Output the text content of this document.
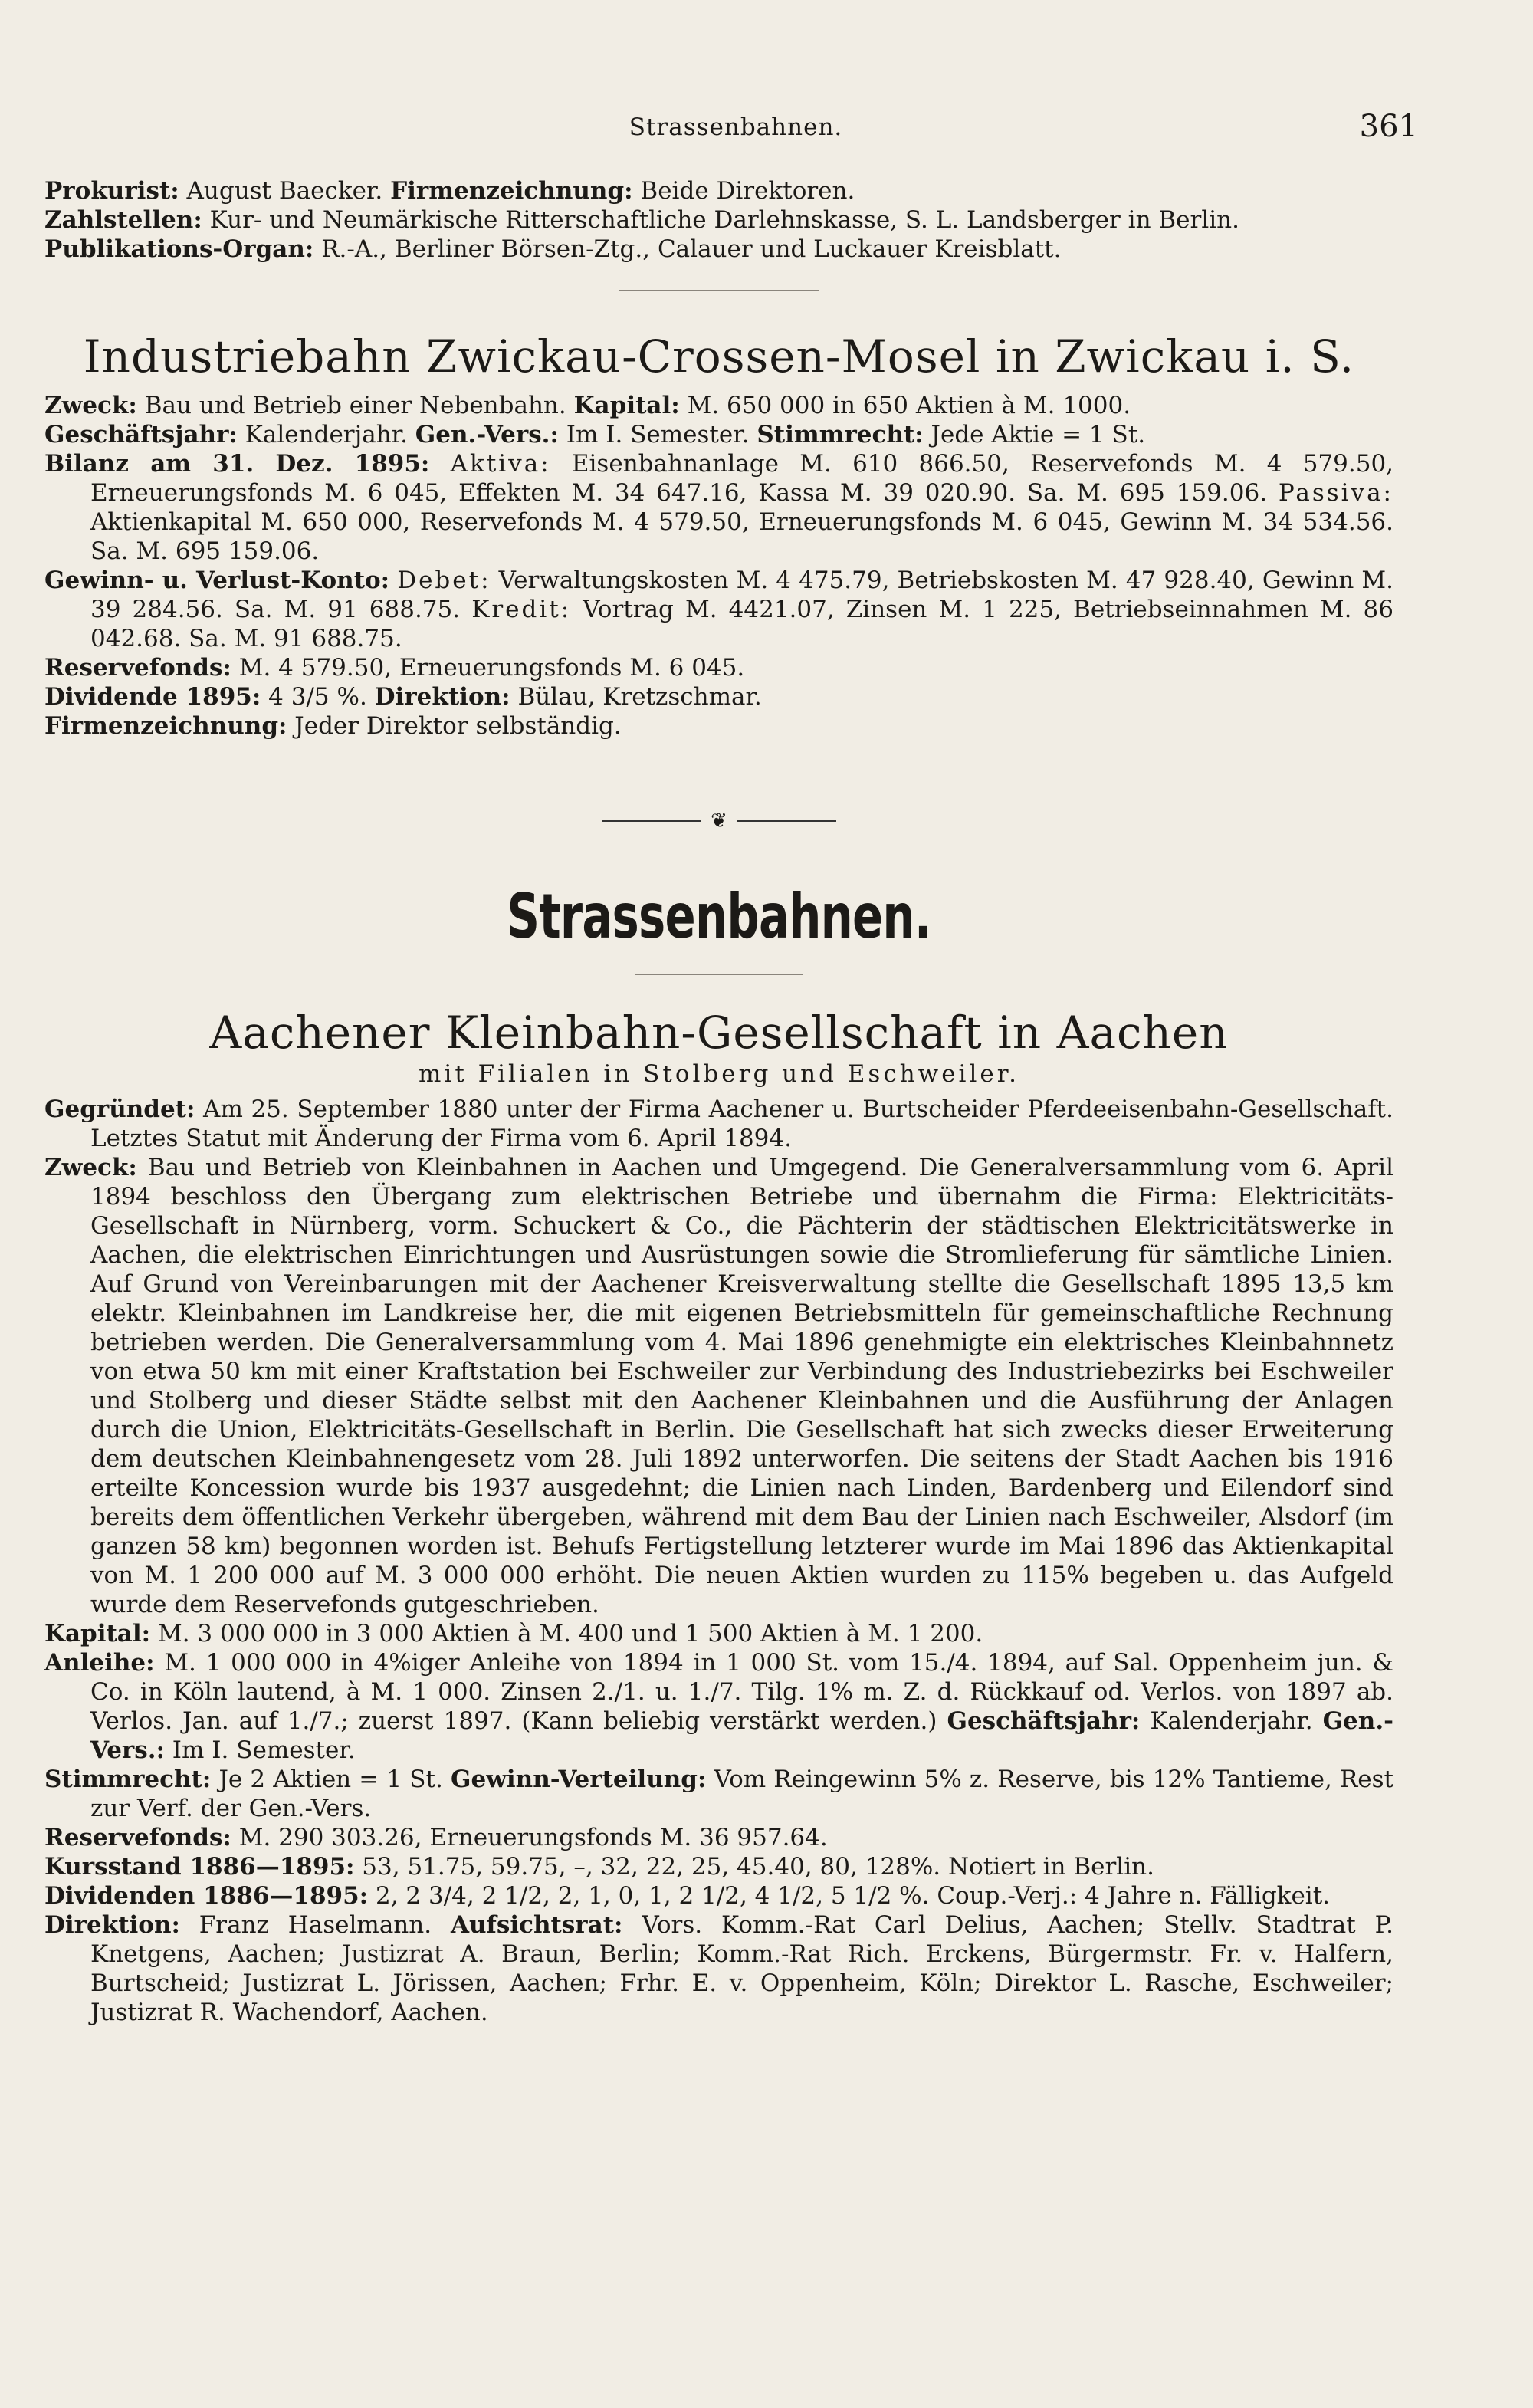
Strassenbahnen.	361

Prokurist: August Baecker. Firmenzeichnung: Beide Direktoren.

Zahlstellen: Kur- und Neumärkische Ritterschaftliche Darlehnskasse, S. L. Landsberger in Berlin.

Publikations-Organ: R.-A., Berliner Börsen-Ztg., Calauer und Luckauer Kreisblatt.

Industriebahn Zwickau-Crossen-Mosel in Zwickau i. S.

Zweck: Bau und Betrieb einer Nebenbahn. Kapital: M. 650 000 in 650 Aktien à M. 1000.

Geschäftsjahr: Kalenderjahr. Gen.-Vers.: Im I. Semester. Stimmrecht: Jede Aktie = 1 St.

Bilanz am 31. Dez. 1895: Aktiva: Eisenbahnanlage M. 610 866.50, Reservefonds M. 4 579.50, Erneuerungsfonds M. 6 045, Effekten M. 34 647.16, Kassa M. 39 020.90. Sa. M. 695 159.06. Passiva: Aktienkapital M. 650 000, Reservefonds M. 4 579.50, Erneuerungsfonds M. 6 045, Gewinn M. 34 534.56. Sa. M. 695 159.06.

Gewinn- u. Verlust-Konto: Debet: Verwaltungskosten M. 4 475.79, Betriebskosten M. 47 928.40, Gewinn M. 39 284.56. Sa. M. 91 688.75. Kredit: Vortrag M. 4421.07, Zinsen M. 1 225, Betriebseinnahmen M. 86 042.68. Sa. M. 91 688.75.

Reservefonds: M. 4 579.50, Erneuerungsfonds M. 6 045.

Dividende 1895: 4 3/5 %. Direktion: Bülau, Kretzschmar.

Firmenzeichnung: Jeder Direktor selbständig.

❦
Strassenbahnen.
Aachener Kleinbahn-Gesellschaft in Aachen
mit Filialen in Stolberg und Eschweiler.

Gegründet: Am 25. September 1880 unter der Firma Aachener u. Burtscheider Pferdeeisenbahn-Gesellschaft. Letztes Statut mit Änderung der Firma vom 6. April 1894.

Zweck: Bau und Betrieb von Kleinbahnen in Aachen und Umgegend. Die Generalversammlung vom 6. April 1894 beschloss den Übergang zum elektrischen Betriebe und übernahm die Firma: Elektricitäts-Gesellschaft in Nürnberg, vorm. Schuckert & Co., die Pächterin der städtischen Elektricitätswerke in Aachen, die elektrischen Einrichtungen und Ausrüstungen sowie die Stromlieferung für sämtliche Linien. Auf Grund von Vereinbarungen mit der Aachener Kreisverwaltung stellte die Gesellschaft 1895 13,5 km elektr. Kleinbahnen im Landkreise her, die mit eigenen Betriebsmitteln für gemeinschaftliche Rechnung betrieben werden. Die Generalversammlung vom 4. Mai 1896 genehmigte ein elektrisches Kleinbahnnetz von etwa 50 km mit einer Kraftstation bei Eschweiler zur Verbindung des Industriebezirks bei Eschweiler und Stolberg und dieser Städte selbst mit den Aachener Kleinbahnen und die Ausführung der Anlagen durch die Union, Elektricitäts-Gesellschaft in Berlin. Die Gesellschaft hat sich zwecks dieser Erweiterung dem deutschen Kleinbahnengesetz vom 28. Juli 1892 unterworfen. Die seitens der Stadt Aachen bis 1916 erteilte Koncession wurde bis 1937 ausgedehnt; die Linien nach Linden, Bardenberg und Eilendorf sind bereits dem öffentlichen Verkehr übergeben, während mit dem Bau der Linien nach Eschweiler, Alsdorf (im ganzen 58 km) begonnen worden ist. Behufs Fertigstellung letzterer wurde im Mai 1896 das Aktienkapital von M. 1 200 000 auf M. 3 000 000 erhöht. Die neuen Aktien wurden zu 115% begeben u. das Aufgeld wurde dem Reservefonds gutgeschrieben.

Kapital: M. 3 000 000 in 3 000 Aktien à M. 400 und 1 500 Aktien à M. 1 200.

Anleihe: M. 1 000 000 in 4%iger Anleihe von 1894 in 1 000 St. vom 15./4. 1894, auf Sal. Oppenheim jun. & Co. in Köln lautend, à M. 1 000. Zinsen 2./1. u. 1./7. Tilg. 1% m. Z. d. Rückkauf od. Verlos. von 1897 ab. Verlos. Jan. auf 1./7.; zuerst 1897. (Kann beliebig verstärkt werden.) Geschäftsjahr: Kalenderjahr. Gen.-Vers.: Im I. Semester.

Stimmrecht: Je 2 Aktien = 1 St. Gewinn-Verteilung: Vom Reingewinn 5% z. Reserve, bis 12% Tantieme, Rest zur Verf. der Gen.-Vers.

Reservefonds: M. 290 303.26, Erneuerungsfonds M. 36 957.64.

Kursstand 1886—1895: 53, 51.75, 59.75, –, 32, 22, 25, 45.40, 80, 128%. Notiert in Berlin.

Dividenden 1886—1895: 2, 2 3/4, 2 1/2, 2, 1, 0, 1, 2 1/2, 4 1/2, 5 1/2 %. Coup.-Verj.: 4 Jahre n. Fälligkeit.

Direktion: Franz Haselmann. Aufsichtsrat: Vors. Komm.-Rat Carl Delius, Aachen; Stellv. Stadtrat P. Knetgens, Aachen; Justizrat A. Braun, Berlin; Komm.-Rat Rich. Erckens, Bürgermstr. Fr. v. Halfern, Burtscheid; Justizrat L. Jörissen, Aachen; Frhr. E. v. Oppenheim, Köln; Direktor L. Rasche, Eschweiler; Justizrat R. Wachendorf, Aachen.
